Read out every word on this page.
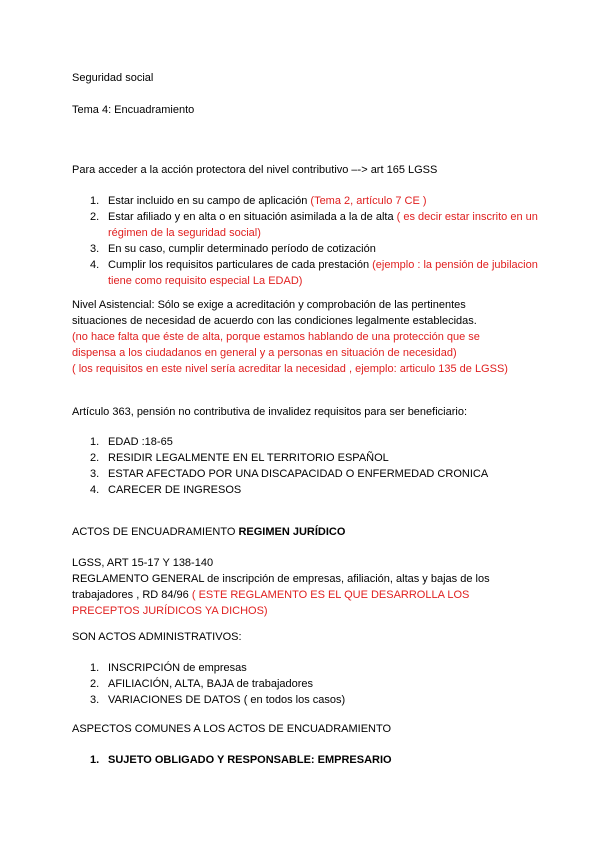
Seguridad social
Tema 4: Encuadramiento
Para acceder a la acción protectora del nivel contributivo –-> art 165 LGSS
1. Estar incluido en su campo de aplicación (Tema 2, artículo 7 CE )
2. Estar afiliado y en alta o en situación asimilada a la de alta ( es decir estar inscrito en un régimen de la seguridad social)
3. En su caso, cumplir determinado período de cotización
4. Cumplir los requisitos particulares de cada prestación (ejemplo : la pensión de jubilacion tiene como requisito especial La EDAD)
Nivel Asistencial: Sólo se exige a acreditación y comprobación de las pertinentes situaciones de necesidad de acuerdo con las condiciones legalmente establecidas.
(no hace falta que éste de alta, porque estamos hablando de una protección que se dispensa a los ciudadanos en general y a personas en situación de necesidad)
( los requisitos en este nivel sería acreditar la necesidad , ejemplo: articulo 135 de LGSS)
Artículo 363, pensión no contributiva de invalidez requisitos para ser beneficiario:
1. EDAD :18-65
2. RESIDIR LEGALMENTE EN EL TERRITORIO ESPAÑOL
3. ESTAR AFECTADO POR UNA DISCAPACIDAD O ENFERMEDAD CRONICA
4. CARECER DE INGRESOS
ACTOS DE ENCUADRAMIENTO REGIMEN JURÍDICO
LGSS, ART 15-17 Y 138-140
REGLAMENTO GENERAL de inscripción de empresas, afiliación, altas y bajas de los trabajadores , RD 84/96 ( ESTE REGLAMENTO ES EL QUE DESARROLLA LOS PRECEPTOS JURÍDICOS YA DICHOS)
SON ACTOS ADMINISTRATIVOS:
1. INSCRIPCIÓN de empresas
2. AFILIACIÓN, ALTA, BAJA de trabajadores
3. VARIACIONES DE DATOS ( en todos los casos)
ASPECTOS COMUNES A LOS ACTOS DE ENCUADRAMIENTO
1. SUJETO OBLIGADO Y RESPONSABLE: EMPRESARIO
